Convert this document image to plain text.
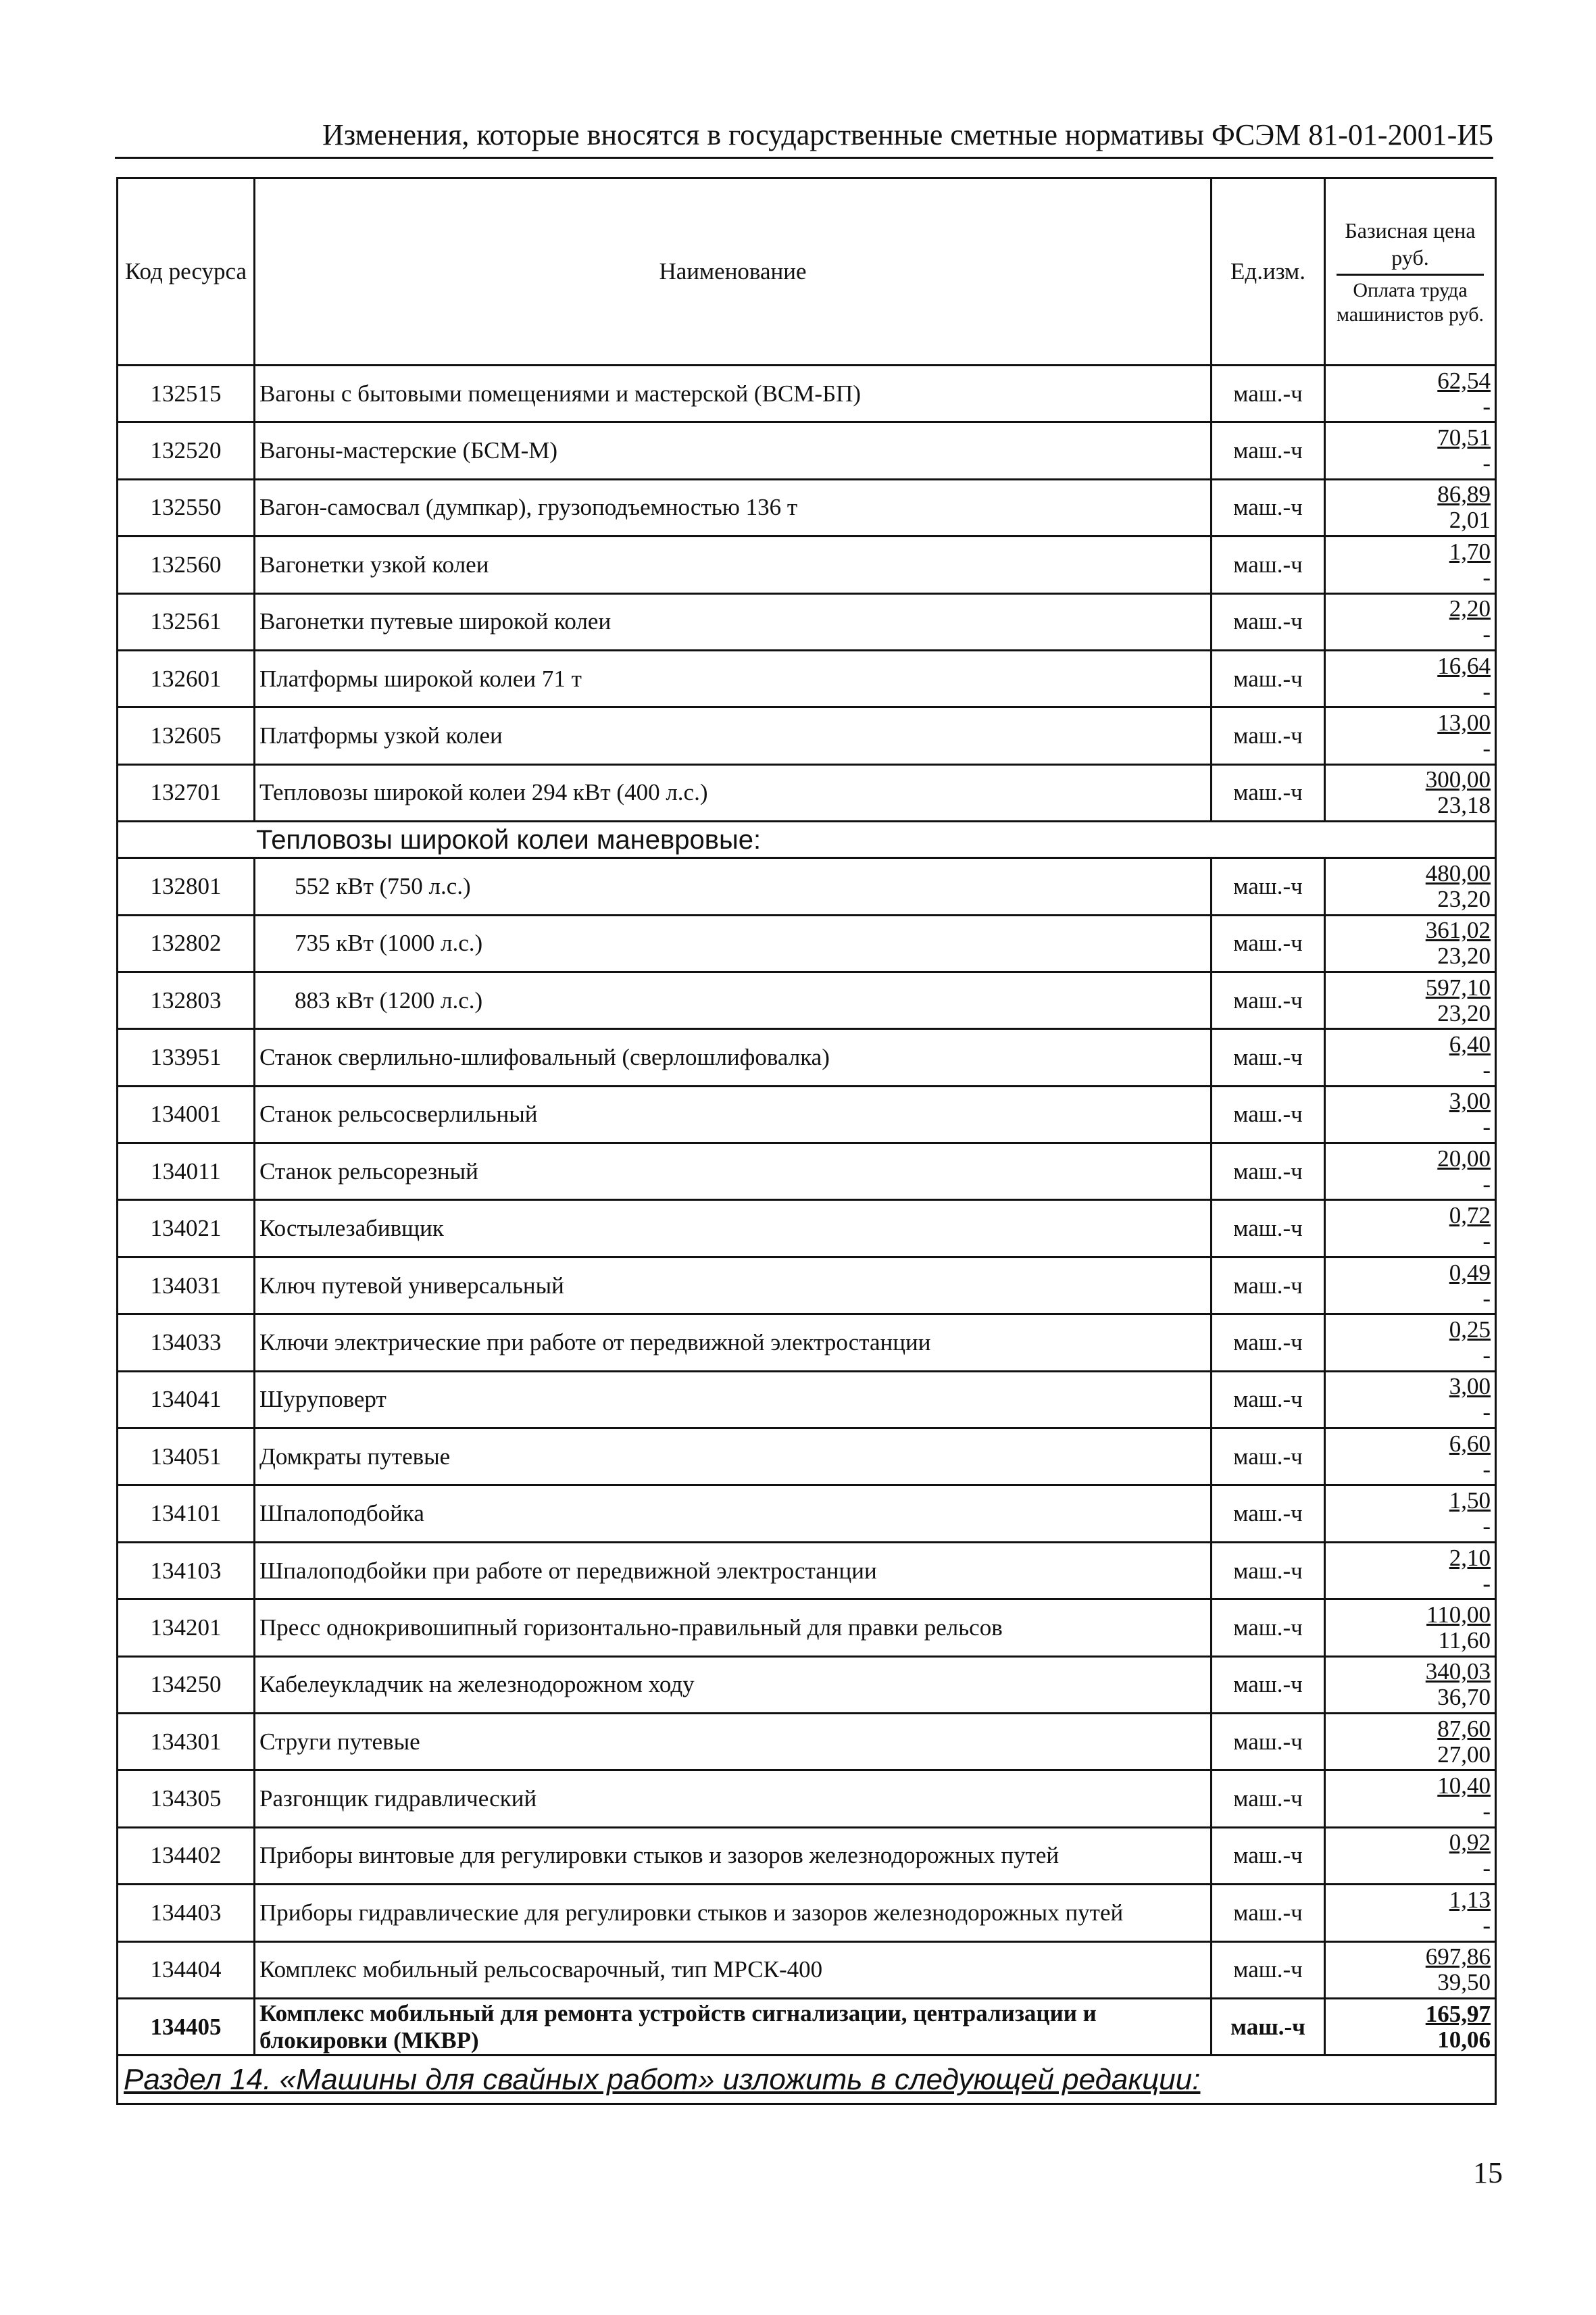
Изменения, которые вносятся в государственные сметные нормативы ФСЭМ 81-01-2001-И5
Код ресурса	Наименование	Ед.изм.	Базисная цена руб.
Оплата труда машинистов руб.

132515	Вагоны с бытовыми помещениями и мастерской (ВСМ-БП)	маш.-ч	62,54
-

132520	Вагоны-мастерские (БСМ-М)	маш.-ч	70,51
-

132550	Вагон-самосвал (думпкар), грузоподъемностью 136 т	маш.-ч	86,89
2,01

132560	Вагонетки узкой колеи	маш.-ч	1,70
-

132561	Вагонетки путевые широкой колеи	маш.-ч	2,20
-

132601	Платформы широкой колеи 71 т	маш.-ч	16,64
-

132605	Платформы узкой колеи	маш.-ч	13,00
-

132701	Тепловозы широкой колеи 294 кВт (400 л.с.)	маш.-ч	300,00
23,18

Тепловозы широкой колеи маневровые:			
132801	552 кВт (750 л.с.)	маш.-ч	480,00
23,20

132802	735 кВт (1000 л.с.)	маш.-ч	361,02
23,20

132803	883 кВт (1200 л.с.)	маш.-ч	597,10
23,20

133951	Станок сверлильно-шлифовальный (сверлошлифовалка)	маш.-ч	6,40
-

134001	Станок рельсосверлильный	маш.-ч	3,00
-

134011	Станок рельсорезный	маш.-ч	20,00
-

134021	Костылезабивщик	маш.-ч	0,72
-

134031	Ключ путевой универсальный	маш.-ч	0,49
-

134033	Ключи электрические при работе от передвижной электростанции	маш.-ч	0,25
-

134041	Шуруповерт	маш.-ч	3,00
-

134051	Домкраты путевые	маш.-ч	6,60
-

134101	Шпалоподбойка	маш.-ч	1,50
-

134103	Шпалоподбойки при работе от передвижной электростанции	маш.-ч	2,10
-

134201	Пресс однокривошипный горизонтально-правильный для правки рельсов	маш.-ч	110,00
11,60

134250	Кабелеукладчик на железнодорожном ходу	маш.-ч	340,03
36,70

134301	Струги путевые	маш.-ч	87,60
27,00

134305	Разгонщик гидравлический	маш.-ч	10,40
-

134402	Приборы винтовые для регулировки стыков и зазоров железнодорожных путей	маш.-ч	0,92
-

134403	Приборы гидравлические для регулировки стыков и зазоров железнодорожных путей	маш.-ч	1,13
-

134404	Комплекс мобильный рельсосварочный, тип МРСК-400	маш.-ч	697,86
39,50

134405	Комплекс мобильный для ремонта устройств сигнализации, централизации и блокировки (МКВР)	маш.-ч	165,97
10,06

Раздел 14. «Машины для свайных работ» изложить в следующей редакции:			
15
